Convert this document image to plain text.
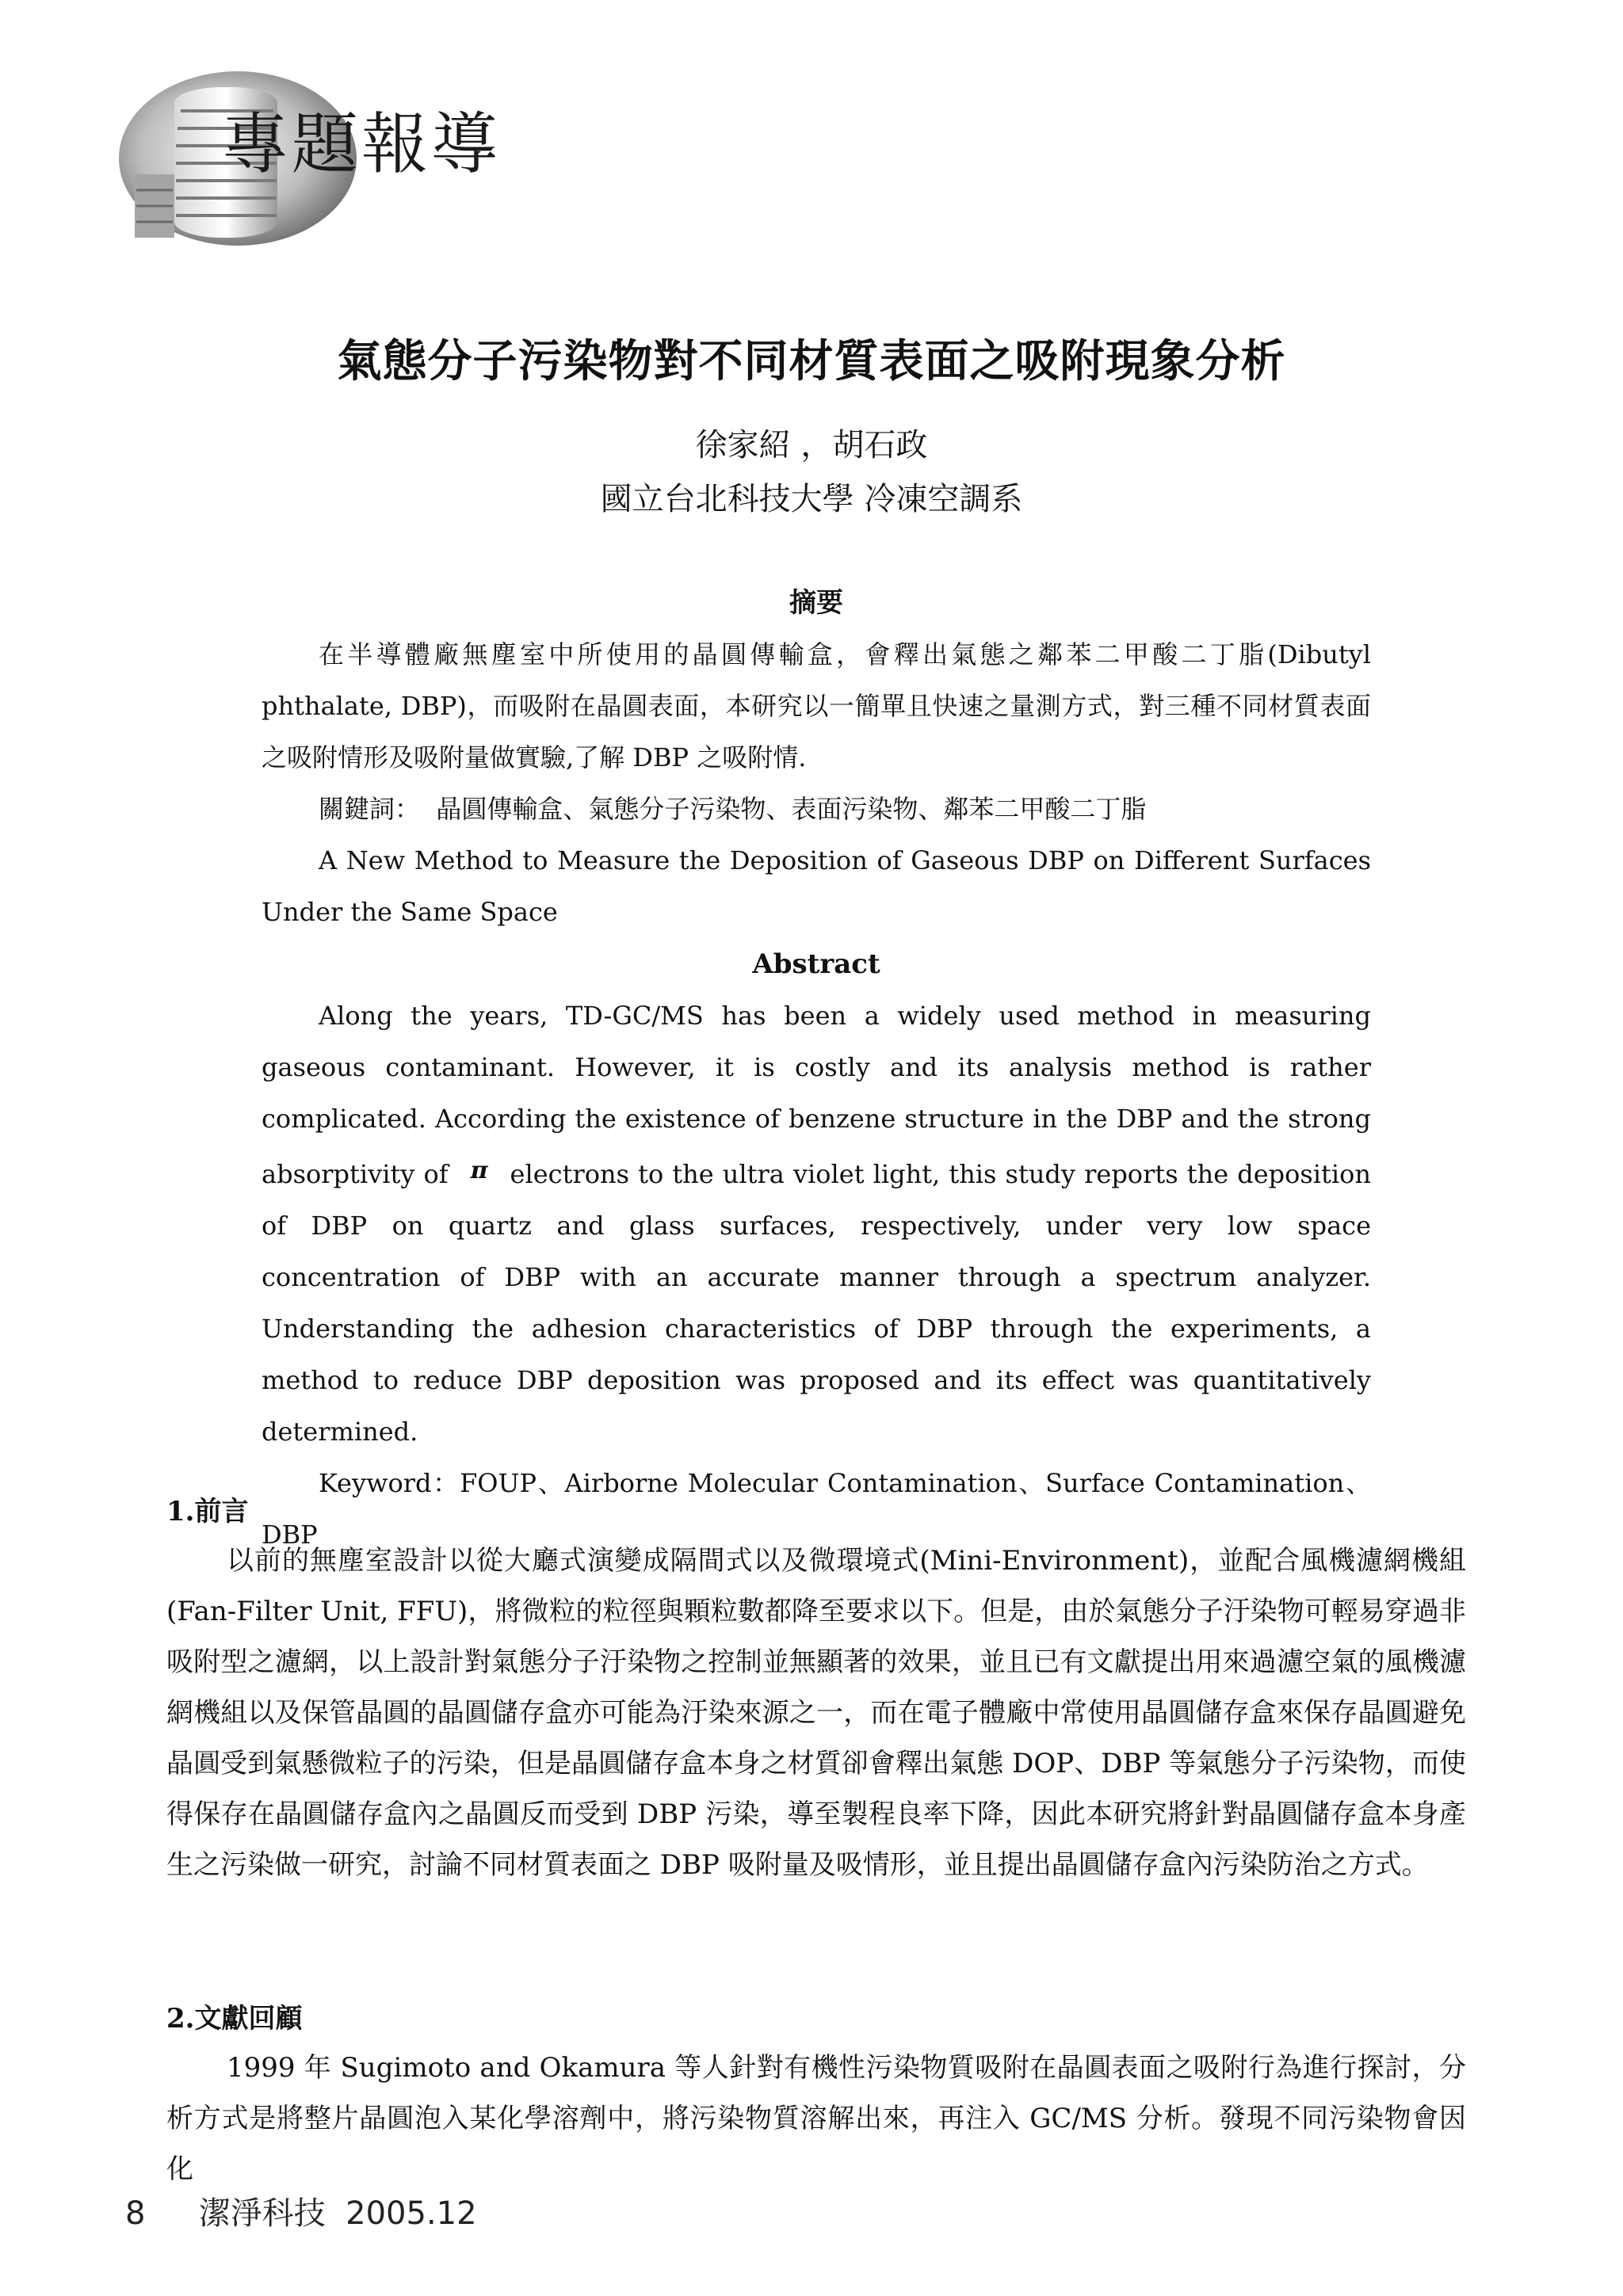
專題報導
氣態分子污染物對不同材質表面之吸附現象分析

徐家紹 ，胡石政

國立台北科技大學 冷凍空調系

摘要

在半導體廠無塵室中所使用的晶圓傳輸盒，會釋出氣態之鄰苯二甲酸二丁脂(Dibutyl phthalate, DBP)，而吸附在晶圓表面，本研究以一簡單且快速之量測方式，對三種不同材質表面之吸附情形及吸附量做實驗,了解 DBP 之吸附情.

關鍵詞： 晶圓傳輸盒、氣態分子污染物、表面污染物、鄰苯二甲酸二丁脂

A New Method to Measure the Deposition of Gaseous DBP on Different Surfaces Under the Same Space

Abstract

Along the years, TD-GC/MS has been a widely used method in measuring gaseous contaminant. However, it is costly and its analysis method is rather complicated. According the existence of benzene structure in the DBP and the strong absorptivity of π electrons to the ultra violet light, this study reports the deposition of DBP on quartz and glass surfaces, respectively, under very low space concentration of DBP with an accurate manner through a spectrum analyzer. Understanding the adhesion characteristics of DBP through the experiments, a method to reduce DBP deposition was proposed and its effect was quantitatively determined.

Keyword：FOUP、Airborne Molecular Contamination、Surface Contamination、DBP

1.前言

以前的無塵室設計以從大廳式演變成隔間式以及微環境式(Mini-Environment)，並配合風機濾網機組(Fan-Filter Unit, FFU)，將微粒的粒徑與顆粒數都降至要求以下。但是，由於氣態分子汙染物可輕易穿過非吸附型之濾網，以上設計對氣態分子汙染物之控制並無顯著的效果，並且已有文獻提出用來過濾空氣的風機濾網機組以及保管晶圓的晶圓儲存盒亦可能為汙染來源之一，而在電子體廠中常使用晶圓儲存盒來保存晶圓避免晶圓受到氣懸微粒子的污染，但是晶圓儲存盒本身之材質卻會釋出氣態 DOP、DBP 等氣態分子污染物，而使得保存在晶圓儲存盒內之晶圓反而受到 DBP 污染，導至製程良率下降，因此本研究將針對晶圓儲存盒本身產生之污染做一研究，討論不同材質表面之 DBP 吸附量及吸情形，並且提出晶圓儲存盒內污染防治之方式。

2.文獻回顧

1999 年 Sugimoto and Okamura 等人針對有機性污染物質吸附在晶圓表面之吸附行為進行探討，分析方式是將整片晶圓泡入某化學溶劑中，將污染物質溶解出來，再注入 GC/MS 分析。發現不同污染物會因化

8 潔淨科技 2005.12
